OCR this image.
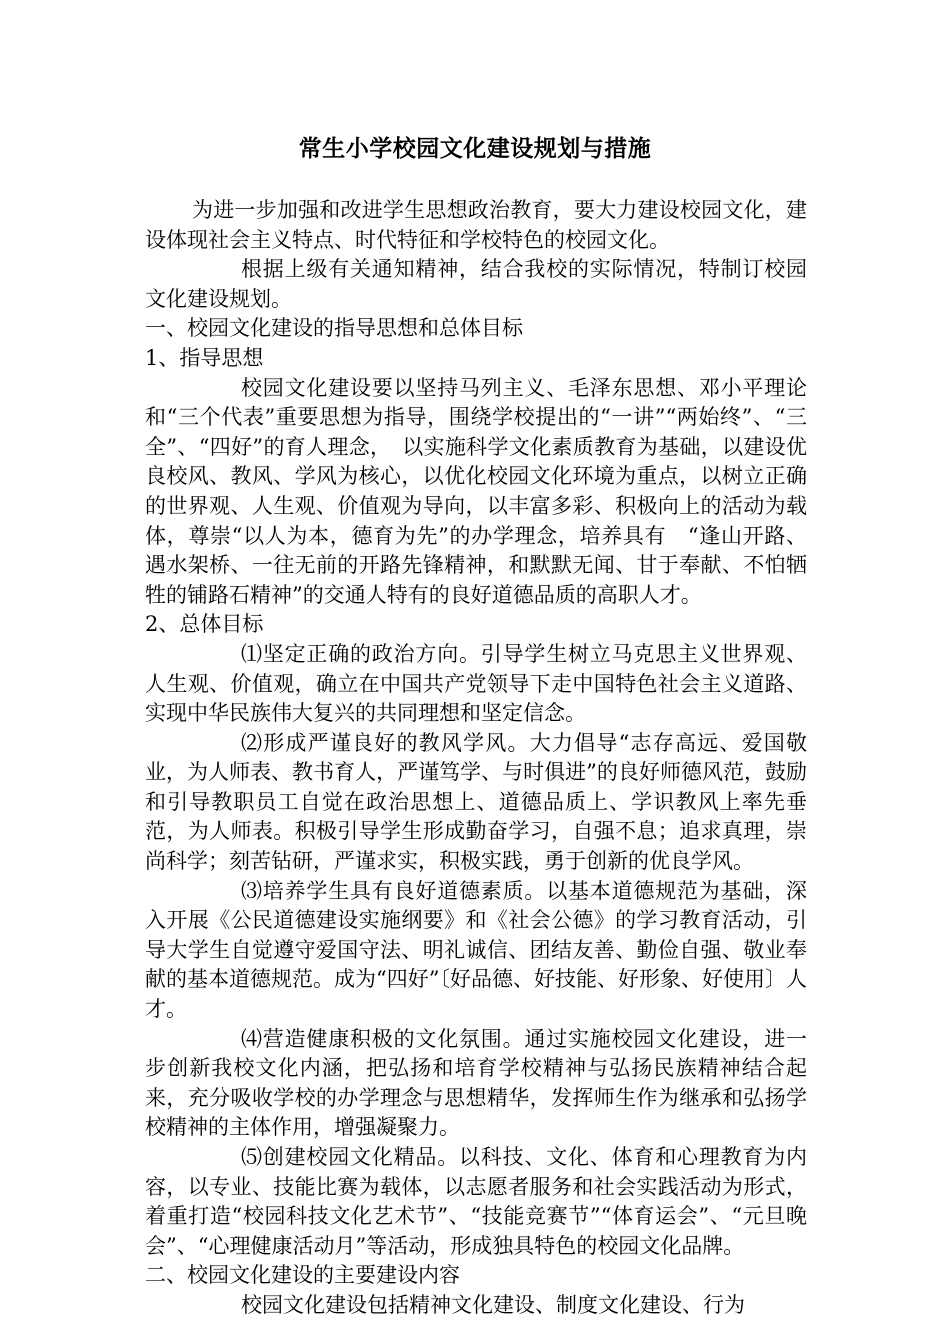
常生小学校园文化建设规划与措施

为进一步加强和改进学生思想政治教育，要大力建设校园文化，建设体现社会主义特点、时代特征和学校特色的校园文化。

根据上级有关通知精神，结合我校的实际情况，特制订校园文化建设规划。

一、校园文化建设的指导思想和总体目标

1、指导思想

校园文化建设要以坚持马列主义、毛泽东思想、邓小平理论和“三个代表”重要思想为指导，围绕学校提出的“一讲”“两始终”、“三全”、“四好”的育人理念，　以实施科学文化素质教育为基础，以建设优良校风、教风、学风为核心，以优化校园文化环境为重点，以树立正确的世界观、人生观、价值观为导向，以丰富多彩、积极向上的活动为载体，尊崇“以人为本，德育为先”的办学理念，培养具有　“逢山开路、遇水架桥、一往无前的开路先锋精神，和默默无闻、甘于奉献、不怕牺牲的铺路石精神”的交通人特有的良好道德品质的高职人才。

2、总体目标

⑴坚定正确的政治方向。引导学生树立马克思主义世界观、人生观、价值观，确立在中国共产党领导下走中国特色社会主义道路、实现中华民族伟大复兴的共同理想和坚定信念。

⑵形成严谨良好的教风学风。大力倡导“志存高远、爱国敬业，为人师表、教书育人，严谨笃学、与时俱进”的良好师德风范，鼓励和引导教职员工自觉在政治思想上、道德品质上、学识教风上率先垂范，为人师表。积极引导学生形成勤奋学习，自强不息；追求真理，崇尚科学；刻苦钻研，严谨求实，积极实践，勇于创新的优良学风。

⑶培养学生具有良好道德素质。以基本道德规范为基础，深入开展《公民道德建设实施纲要》和《社会公德》的学习教育活动，引导大学生自觉遵守爱国守法、明礼诚信、团结友善、勤俭自强、敬业奉献的基本道德规范。成为“四好”〔好品德、好技能、好形象、好使用〕人才。

⑷营造健康积极的文化氛围。通过实施校园文化建设，进一步创新我校文化内涵，把弘扬和培育学校精神与弘扬民族精神结合起来，充分吸收学校的办学理念与思想精华，发挥师生作为继承和弘扬学校精神的主体作用，增强凝聚力。

⑸创建校园文化精品。以科技、文化、体育和心理教育为内容，以专业、技能比赛为载体，以志愿者服务和社会实践活动为形式，着重打造“校园科技文化艺术节”、“技能竞赛节”“体育运会”、“元旦晚会”、“心理健康活动月”等活动，形成独具特色的校园文化品牌。

二、校园文化建设的主要建设内容

校园文化建设包括精神文化建设、制度文化建设、行为
